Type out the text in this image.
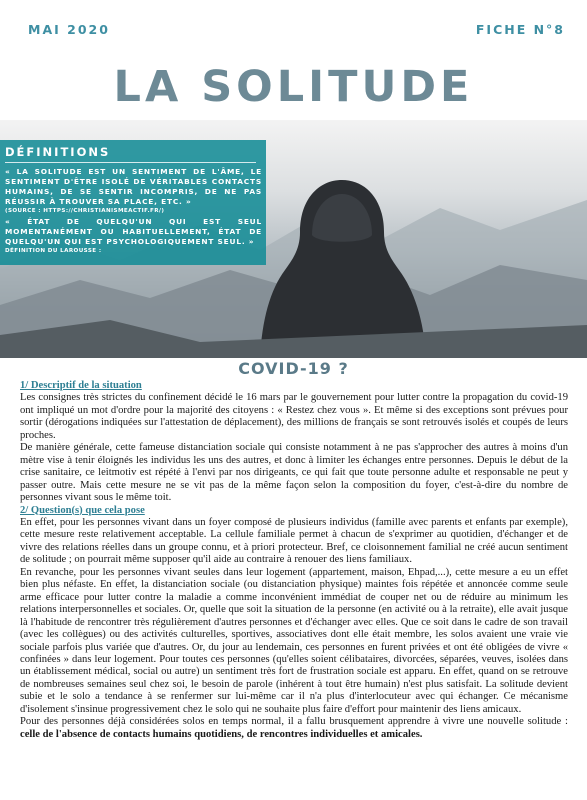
MAI 2020	FICHE N°8
LA SOLITUDE
DÉFINITIONS
« LA SOLITUDE EST UN SENTIMENT DE L'ÂME, LE SENTIMENT D'ÊTRE ISOLÉ DE VÉRITABLES CONTACTS HUMAINS, DE SE SENTIR INCOMPRIS, DE NE PAS RÉUSSIR À TROUVER SA PLACE, ETC. »
(SOURCE : HTTPS://CHRISTIANISMEACTIF.FR/)
« ÉTAT DE QUELQU'UN QUI EST SEUL MOMENTANÉMENT OU HABITUELLEMENT, ÉTAT DE QUELQU'UN QUI EST PSYCHOLOGIQUEMENT SEUL. »
DÉFINITION DU LAROUSSE :
COVID-19 ?
1/ Descriptif de la situation

Les consignes très strictes du confinement décidé le 16 mars par le gouvernement pour lutter contre la propagation du covid-19 ont impliqué un mot d'ordre pour la majorité des citoyens : « Restez chez vous ». Et même si des exceptions sont prévues pour sortir (dérogations indiquées sur l'attestation de déplacement), des millions de français se sont retrouvés isolés et coupés de leurs proches.

De manière générale, cette fameuse distanciation sociale qui consiste notamment à ne pas s'approcher des autres à moins d'un mètre vise à tenir éloignés les individus les uns des autres, et donc à limiter les échanges entre personnes. Depuis le début de la crise sanitaire, ce leitmotiv est répété à l'envi par nos dirigeants, ce qui fait que toute personne adulte et responsable ne peut y passer outre. Mais cette mesure ne se vit pas de la même façon selon la composition du foyer, c'est-à-dire du nombre de personnes vivant sous le même toit.

2/ Question(s) que cela pose

En effet, pour les personnes vivant dans un foyer composé de plusieurs individus (famille avec parents et enfants par exemple), cette mesure reste relativement acceptable. La cellule familiale permet à chacun de s'exprimer au quotidien, d'échanger et de vivre des relations réelles dans un groupe connu, et à priori protecteur. Bref, ce cloisonnement familial ne créé aucun sentiment de solitude ; on pourrait même supposer qu'il aide au contraire à renouer des liens familiaux.

En revanche, pour les personnes vivant seules dans leur logement (appartement, maison, Ehpad,...), cette mesure a eu un effet bien plus néfaste. En effet, la distanciation sociale (ou distanciation physique) maintes fois répétée et annoncée comme seule arme efficace pour lutter contre la maladie a comme inconvénient immédiat de couper net ou de réduire au minimum les relations interpersonnelles et sociales. Or, quelle que soit la situation de la personne (en activité ou à la retraite), elle avait jusque là l'habitude de rencontrer très régulièrement d'autres personnes et d'échanger avec elles. Que ce soit dans le cadre de son travail (avec les collègues) ou des activités culturelles, sportives, associatives dont elle était membre, les solos avaient une vraie vie sociale parfois plus variée que d'autres. Or, du jour au lendemain, ces personnes en furent privées et ont été obligées de vivre « confinées » dans leur logement. Pour toutes ces personnes (qu'elles soient célibataires, divorcées, séparées, veuves, isolées dans un établissement médical, social ou autre) un sentiment très fort de frustration sociale est apparu. En effet, quand on se retrouve de nombreuses semaines seul chez soi, le besoin de parole (inhérent à tout être humain) n'est plus satisfait. La solitude devient subie et le solo a tendance à se renfermer sur lui-même car il n'a plus d'interlocuteur avec qui échanger. Ce mécanisme d'isolement s'insinue progressivement chez le solo qui ne souhaite plus faire d'effort pour maintenir des liens amicaux.

Pour des personnes déjà considérées solos en temps normal, il a fallu brusquement apprendre à vivre une nouvelle solitude : celle de l'absence de contacts humains quotidiens, de rencontres individuelles et amicales.
